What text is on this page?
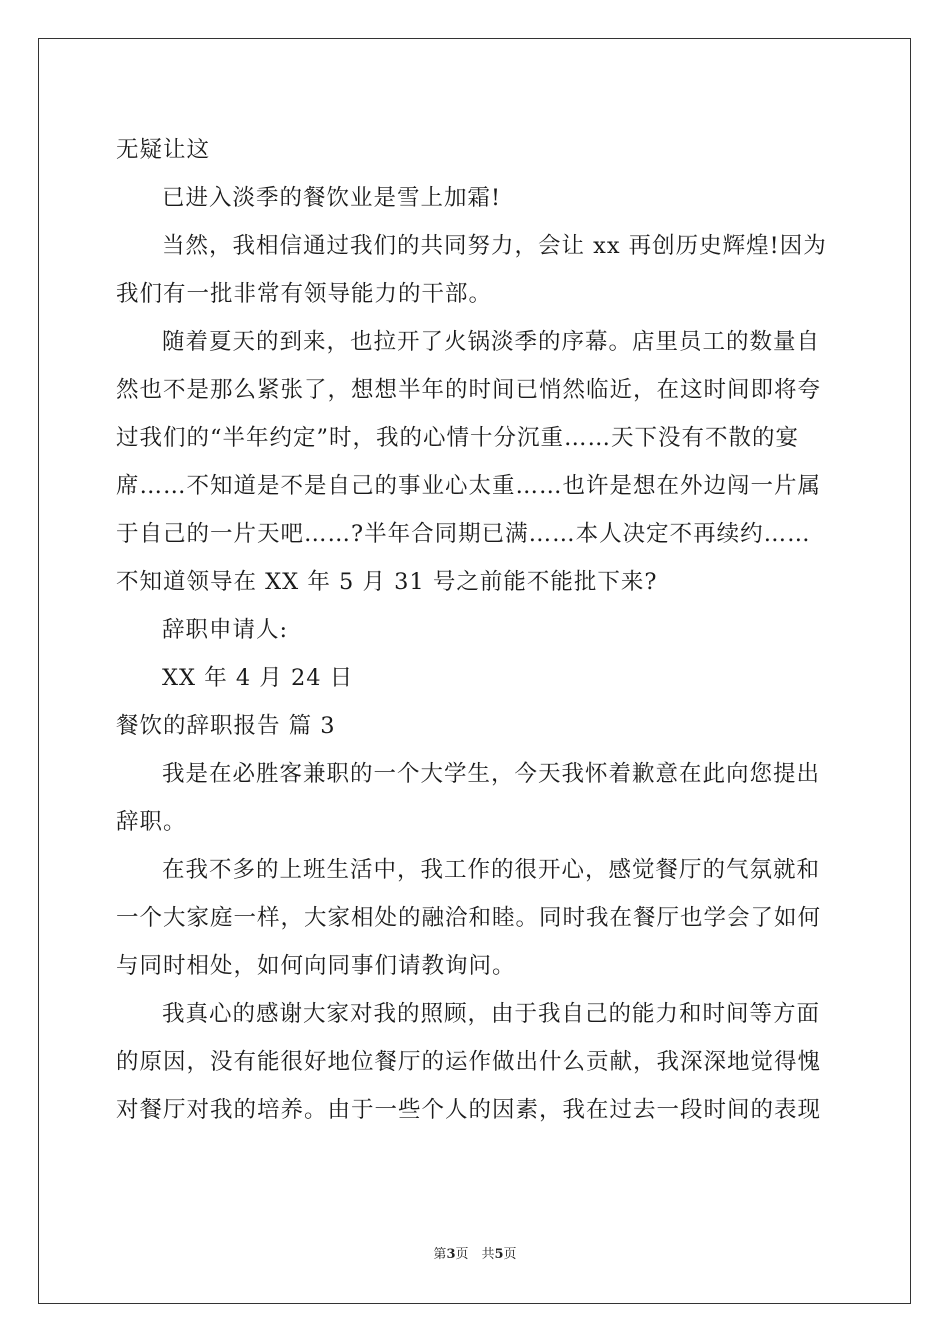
无疑让这
已进入淡季的餐饮业是雪上加霜!
当然，我相信通过我们的共同努力，会让 xx 再创历史辉煌!因为
我们有一批非常有领导能力的干部。
随着夏天的到来，也拉开了火锅淡季的序幕。店里员工的数量自
然也不是那么紧张了，想想半年的时间已悄然临近，在这时间即将夸
过我们的“半年约定”时，我的心情十分沉重……天下没有不散的宴
席……不知道是不是自己的事业心太重……也许是想在外边闯一片属
于自己的一片天吧……?半年合同期已满……本人决定不再续约……
不知道领导在 XX 年 5 月 31 号之前能不能批下来?
辞职申请人:
XX 年 4 月 24 日
餐饮的辞职报告 篇 3
我是在必胜客兼职的一个大学生，今天我怀着歉意在此向您提出
辞职。
在我不多的上班生活中，我工作的很开心，感觉餐厅的气氛就和
一个大家庭一样，大家相处的融洽和睦。同时我在餐厅也学会了如何
与同时相处，如何向同事们请教询问。
我真心的感谢大家对我的照顾，由于我自己的能力和时间等方面
的原因，没有能很好地位餐厅的运作做出什么贡献，我深深地觉得愧
对餐厅对我的培养。由于一些个人的因素，我在过去一段时间的表现
第3页　共5页
